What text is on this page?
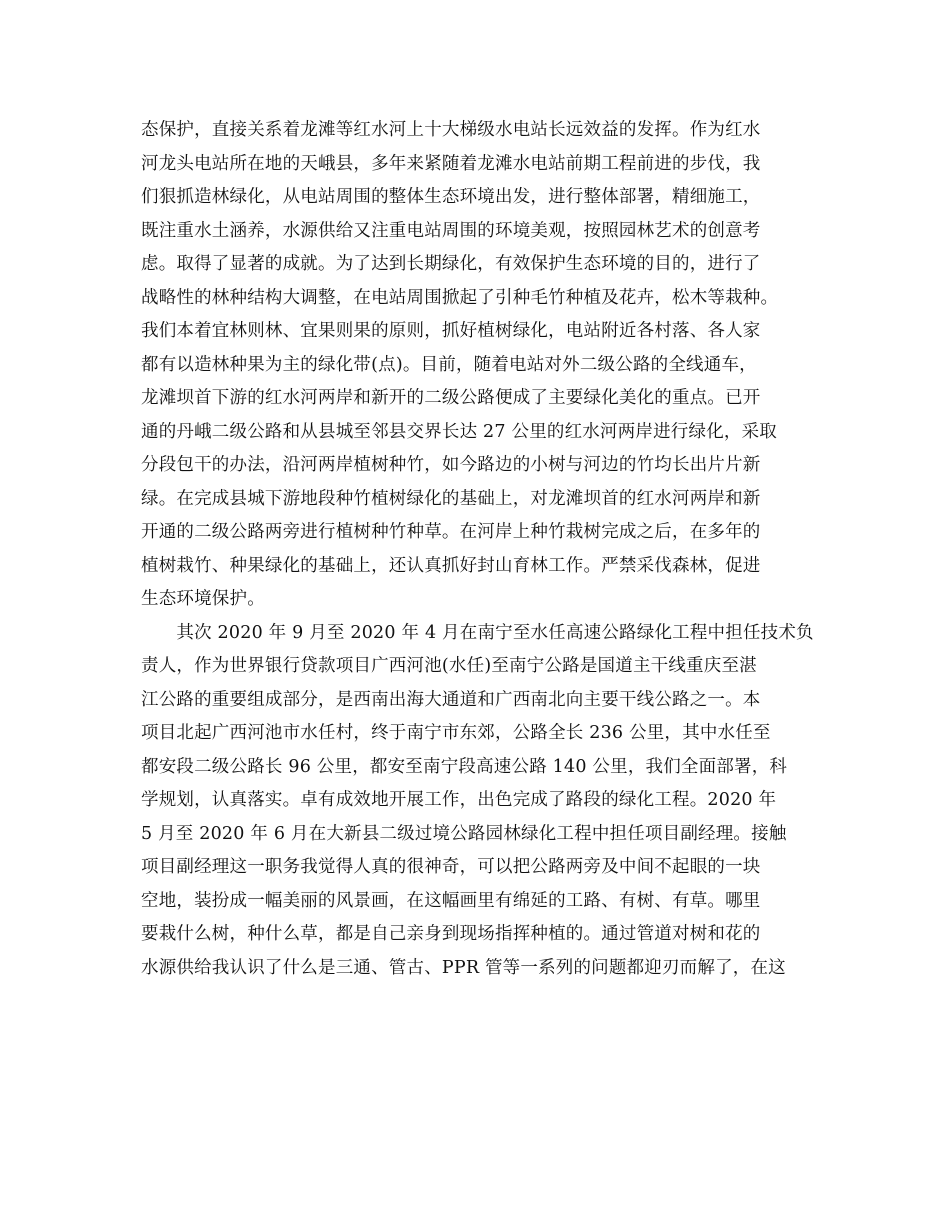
态保护，直接关系着龙滩等红水河上十大梯级水电站长远效益的发挥。作为红水
河龙头电站所在地的天峨县，多年来紧随着龙滩水电站前期工程前进的步伐，我
们狠抓造林绿化，从电站周围的整体生态环境出发，进行整体部署，精细施工，
既注重水土涵养，水源供给又注重电站周围的环境美观，按照园林艺术的创意考
虑。取得了显著的成就。为了达到长期绿化，有效保护生态环境的目的，进行了
战略性的林种结构大调整，在电站周围掀起了引种毛竹种植及花卉，松木等栽种。
我们本着宜林则林、宜果则果的原则，抓好植树绿化，电站附近各村落、各人家
都有以造林种果为主的绿化带(点)。目前，随着电站对外二级公路的全线通车，
龙滩坝首下游的红水河两岸和新开的二级公路便成了主要绿化美化的重点。已开
通的丹峨二级公路和从县城至邻县交界长达 27 公里的红水河两岸进行绿化，采取
分段包干的办法，沿河两岸植树种竹，如今路边的小树与河边的竹均长出片片新
绿。在完成县城下游地段种竹植树绿化的基础上，对龙滩坝首的红水河两岸和新
开通的二级公路两旁进行植树种竹种草。在河岸上种竹栽树完成之后，在多年的
植树栽竹、种果绿化的基础上，还认真抓好封山育林工作。严禁采伐森林，促进
生态环境保护。
　　其次 2020 年 9 月至 2020 年 4 月在南宁至水任高速公路绿化工程中担任技术负
责人，作为世界银行贷款项目广西河池(水任)至南宁公路是国道主干线重庆至湛
江公路的重要组成部分，是西南出海大通道和广西南北向主要干线公路之一。本
项目北起广西河池市水任村，终于南宁市东郊，公路全长 236 公里，其中水任至
都安段二级公路长 96 公里，都安至南宁段高速公路 140 公里，我们全面部署，科
学规划，认真落实。卓有成效地开展工作，出色完成了路段的绿化工程。2020 年
5 月至 2020 年 6 月在大新县二级过境公路园林绿化工程中担任项目副经理。接触
项目副经理这一职务我觉得人真的很神奇，可以把公路两旁及中间不起眼的一块
空地，装扮成一幅美丽的风景画，在这幅画里有绵延的工路、有树、有草。哪里
要栽什么树，种什么草，都是自己亲身到现场指挥种植的。通过管道对树和花的
水源供给我认识了什么是三通、管古、PPR 管等一系列的问题都迎刃而解了，在这
